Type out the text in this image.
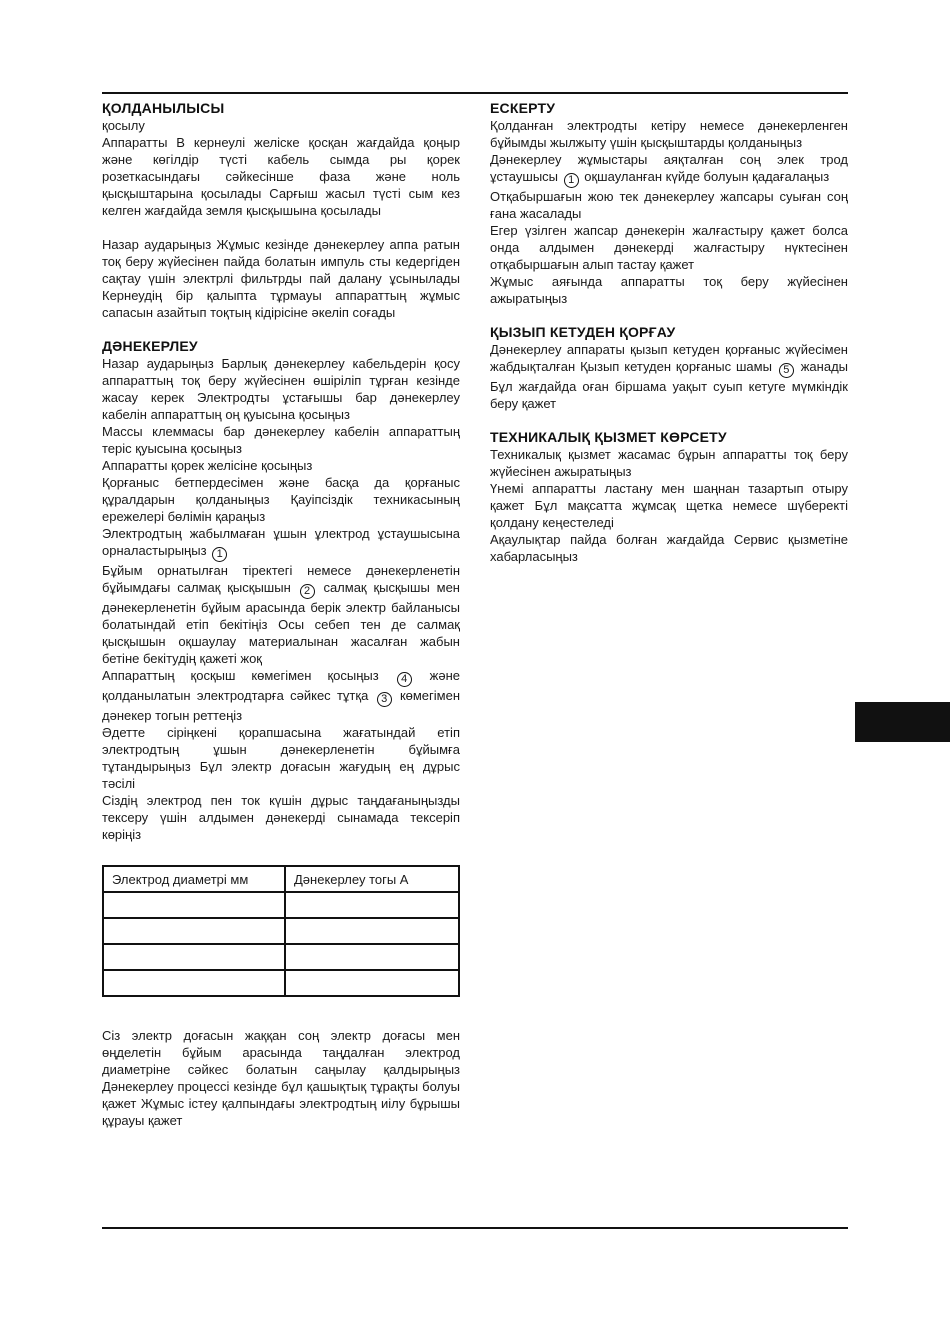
ҚОЛДАНЫЛЫСЫ

қосылу

Аппаратты В кернеулі желіске қосқан жағдайда қоңыр және көгілдір түсті кабель сымда ры қорек розеткасындағы сәйкесінше фаза және ноль қысқыштарына қосылады Сарғыш жасыл түсті сым кез келген жағдайда земля қысқышына қосылады

Назар аударыңыз Жұмыс кезінде дәнекерлеу аппа ратын тоқ беру жүйесінен пайда болатын импуль сты кедергіден сақтау үшін электрлі фильтрды пай далану ұсынылады Кернеудің бір қалыпта тұрмауы аппараттың жұмыс сапасын азайтып тоқтың кідірісіне әкеліп соғады

ДӘНЕКЕРЛЕУ

Назар аударыңыз Барлық дәнекерлеу кабельдерін қосу аппараттың тоқ беру жүйесінен өшіріліп тұрған кезінде жасау керек Электродты ұстағышы бар дәнекерлеу кабелін аппараттың оң қуысына қосыңыз

Массы клеммасы бар дәнекерлеу кабелін аппараттың теріс қуысына қосыңыз

Аппаратты қорек желісіне қосыңыз

Қорғаныс бетпердесімен және басқа да қорғаныс құралдарын қолданыңыз Қауіпсіздік техникасының ережелері бөлімін қараңыз

Электродтың жабылмаған ұшын ұлектрод ұстаушысына орналастырыңыз 1

Бұйым орнатылған тіректегі немесе дәнекерленетін бұйымдағы салмақ қысқышын 2 салмақ қысқышы мен дәнекерленетін бұйым арасында берік электр байланысы болатындай етіп бекітіңіз Осы себеп тен де салмақ қысқышын оқшаулау материалынан жасалған жабын бетіне бекітудің қажеті жоқ

Аппараттың қосқыш көмегімен қосыңыз 4 және қолданылатын электродтарға сәйкес тұтқа 3 көмегімен дәнекер тогын реттеңіз

Әдетте сіріңкені қорапшасына жағатындай етіп электродтың ұшын дәнекерленетін бұйымға тұтандырыңыз Бұл электр доғасын жағудың ең дұрыс тәсілі

Сіздің электрод пен ток күшін дұрыс таңдағаныңызды тексеру үшін алдымен дәнекерді сынамада тексеріп көріңіз

Электрод диаметрі мм	Дәнекерлеу тогы А

Сіз электр доғасын жаққан соң электр доғасы мен өңделетін бұйым арасында таңдалған электрод диаметріне сәйкес болатын саңылау қалдырыңыз Дәнекерлеу процессі кезінде бұл қашықтық тұрақты болуы қажет Жұмыс істеу қалпындағы электродтың иілу бұрышы құрауы қажет

ЕСКЕРТУ

Қолданған электродты кетіру немесе дәнекерленген бұйымды жылжыту үшін қысқыштарды қолданыңыз

Дәнекерлеу жұмыстары аяқталған соң элек трод ұстаушысы 1 оқшауланған күйде болуын қадағалаңыз

Отқабыршағын жою тек дәнекерлеу жапсары суыған соң ғана жасалады

Егер үзілген жапсар дәнекерін жалғастыру қажет болса онда алдымен дәнекерді жалғастыру нүктесінен отқабыршағын алып тастау қажет

Жұмыс аяғында аппаратты тоқ беру жүйесінен ажыратыңыз

ҚЫЗЫП КЕТУДЕН ҚОРҒАУ

Дәнекерлеу аппараты қызып кетуден қорғаныс жүйесімен жабдықталған Қызып кетуден қорғаныс шамы 5 жанады Бұл жағдайда оған біршама уақыт суып кетуге мүмкіндік беру қажет

ТЕХНИКАЛЫҚ ҚЫЗМЕТ КӨРСЕТУ

Техникалық қызмет жасамас бұрын аппаратты тоқ беру жүйесінен ажыратыңыз

Үнемі аппаратты ластану мен шаңнан тазартып отыру қажет Бұл мақсатта жұмсақ щетка немесе шүберекті қолдану кеңестеледі

Ақаулықтар пайда болған жағдайда Сервис қызметіне хабарласыңыз
